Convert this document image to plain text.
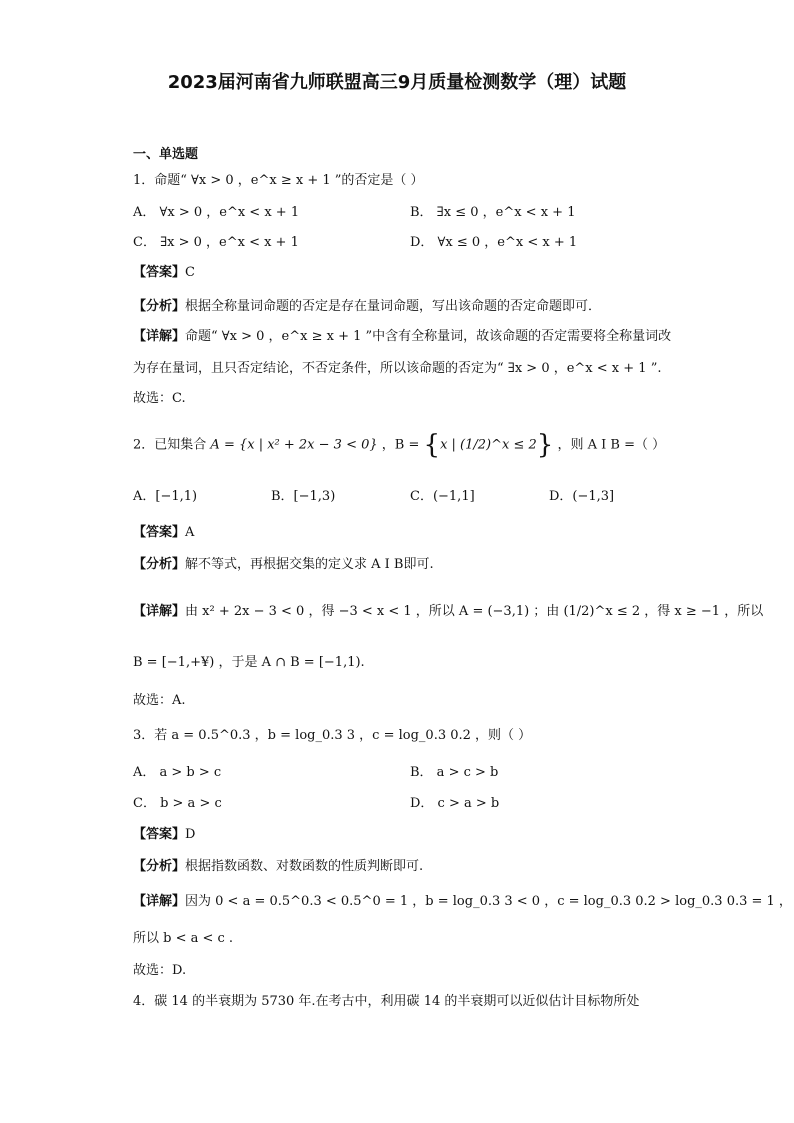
2023届河南省九师联盟高三9月质量检测数学（理）试题
一、单选题
1．命题“ ∀x > 0 ，e^x ≥ x + 1 ”的否定是（ ）
A． ∀x > 0 ，e^x < x + 1	B． ∃x ≤ 0 ，e^x < x + 1
C． ∃x > 0 ，e^x < x + 1	D． ∀x ≤ 0 ，e^x < x + 1
【答案】C
【分析】根据全称量词命题的否定是存在量词命题，写出该命题的否定命题即可．
【详解】命题“ ∀x > 0 ，e^x ≥ x + 1 ”中含有全称量词，故该命题的否定需要将全称量词改
为存在量词，且只否定结论，不否定条件，所以该命题的否定为“ ∃x > 0 ，e^x < x + 1 ”.
故选：C.
2．已知集合 A = {x | x² + 2x − 3 < 0} ，B = {x | (1/2)^x ≤ 2} ，则 A I B =（ ）
A．[−1,1)	B．[−1,3)	C．(−1,1]	D．(−1,3]
【答案】A
【分析】解不等式，再根据交集的定义求 A I B即可.
【详解】由 x² + 2x − 3 < 0 ，得 −3 < x < 1 ，所以 A = (−3,1) ；由 (1/2)^x ≤ 2 ，得 x ≥ −1 ，所以
B = [−1,+¥) ，于是 A ∩ B = [−1,1).
故选：A.
3．若 a = 0.5^0.3 ，b = log_0.3 3 ，c = log_0.3 0.2 ，则（ ）
A． a > b > c	B． a > c > b
C． b > a > c	D． c > a > b
【答案】D
【分析】根据指数函数、对数函数的性质判断即可.
【详解】因为 0 < a = 0.5^0.3 < 0.5^0 = 1 ，b = log_0.3 3 < 0 ，c = log_0.3 0.2 > log_0.3 0.3 = 1 ，
所以 b < a < c .
故选：D.
4．碳 14 的半衰期为 5730 年.在考古中，利用碳 14 的半衰期可以近似估计目标物所处
